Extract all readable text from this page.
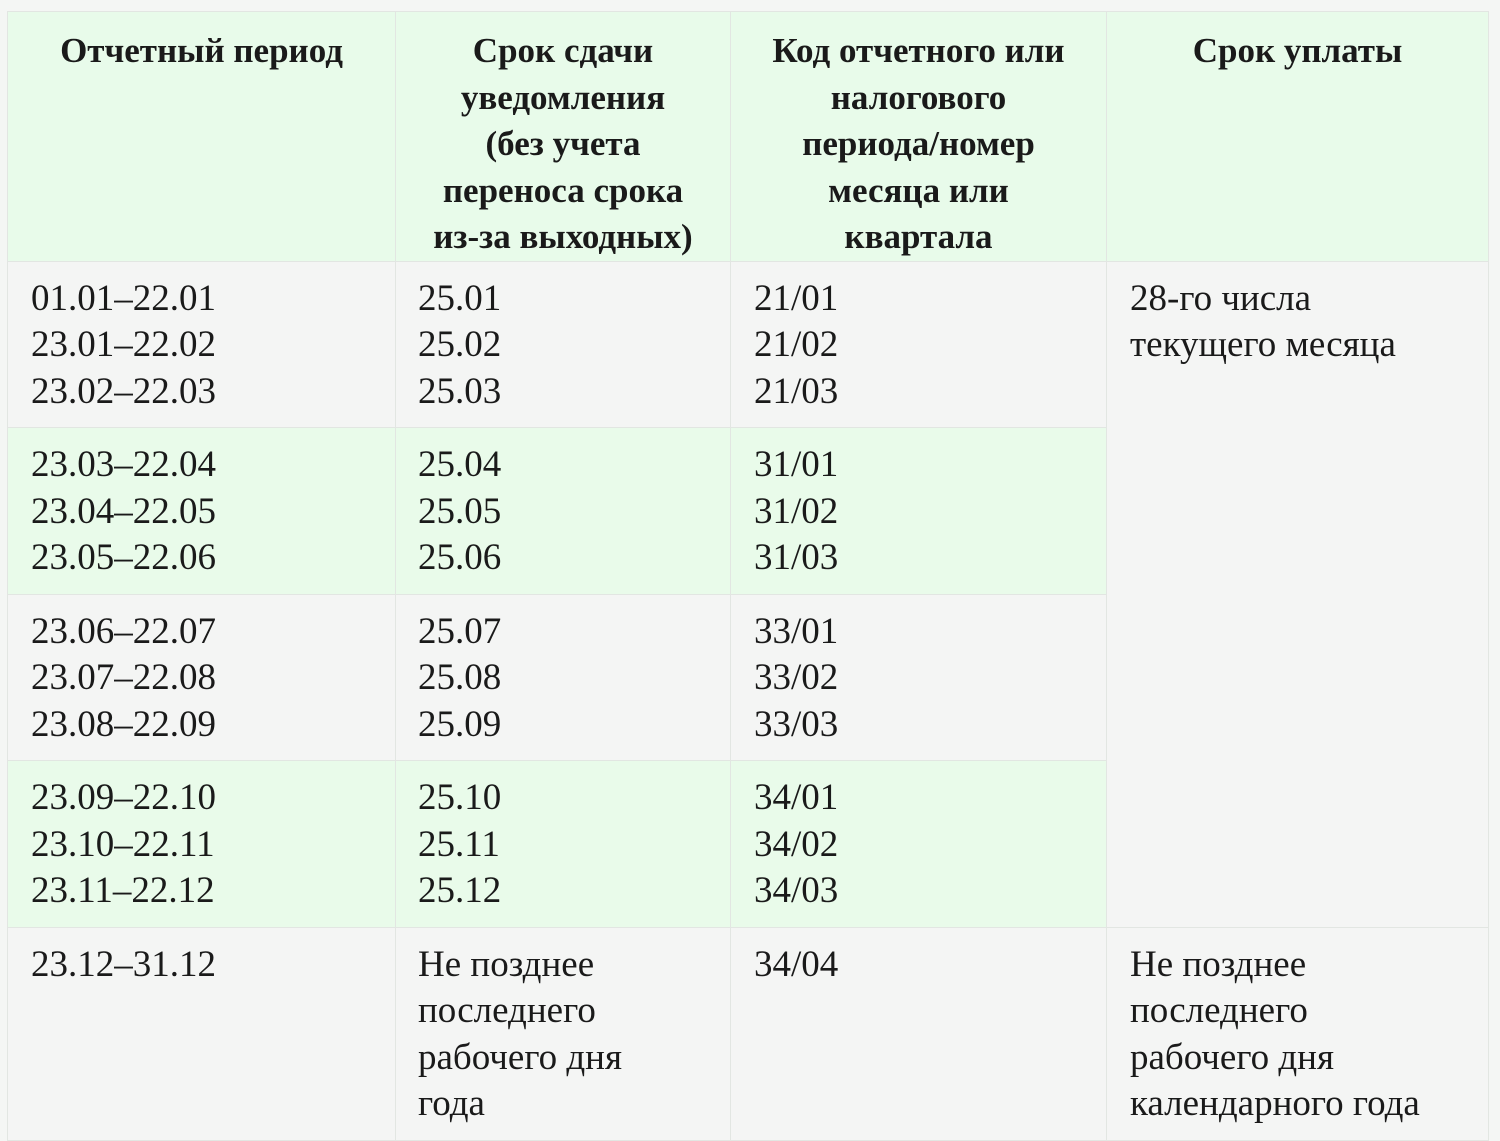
Отчетный период	Срок сдачи
уведомления
(без учета
переноса срока
из-за выходных)	Код отчетного или
налогового
периода/номер
месяца или
квартала	Срок уплаты

01.01–22.01
23.01–22.02
23.02–22.03	25.01
25.02
25.03	21/01
21/02
21/03	28-го числа
текущего месяца

23.03–22.04
23.04–22.05
23.05–22.06	25.04
25.05
25.06	31/01
31/02
31/03	

23.06–22.07
23.07–22.08
23.08–22.09	25.07
25.08
25.09	33/01
33/02
33/03	

23.09–22.10
23.10–22.11
23.11–22.12	25.10
25.11
25.12	34/01
34/02
34/03	

23.12–31.12	Не позднее
последнего
рабочего дня
года	34/04	Не позднее
последнего
рабочего дня
календарного года
